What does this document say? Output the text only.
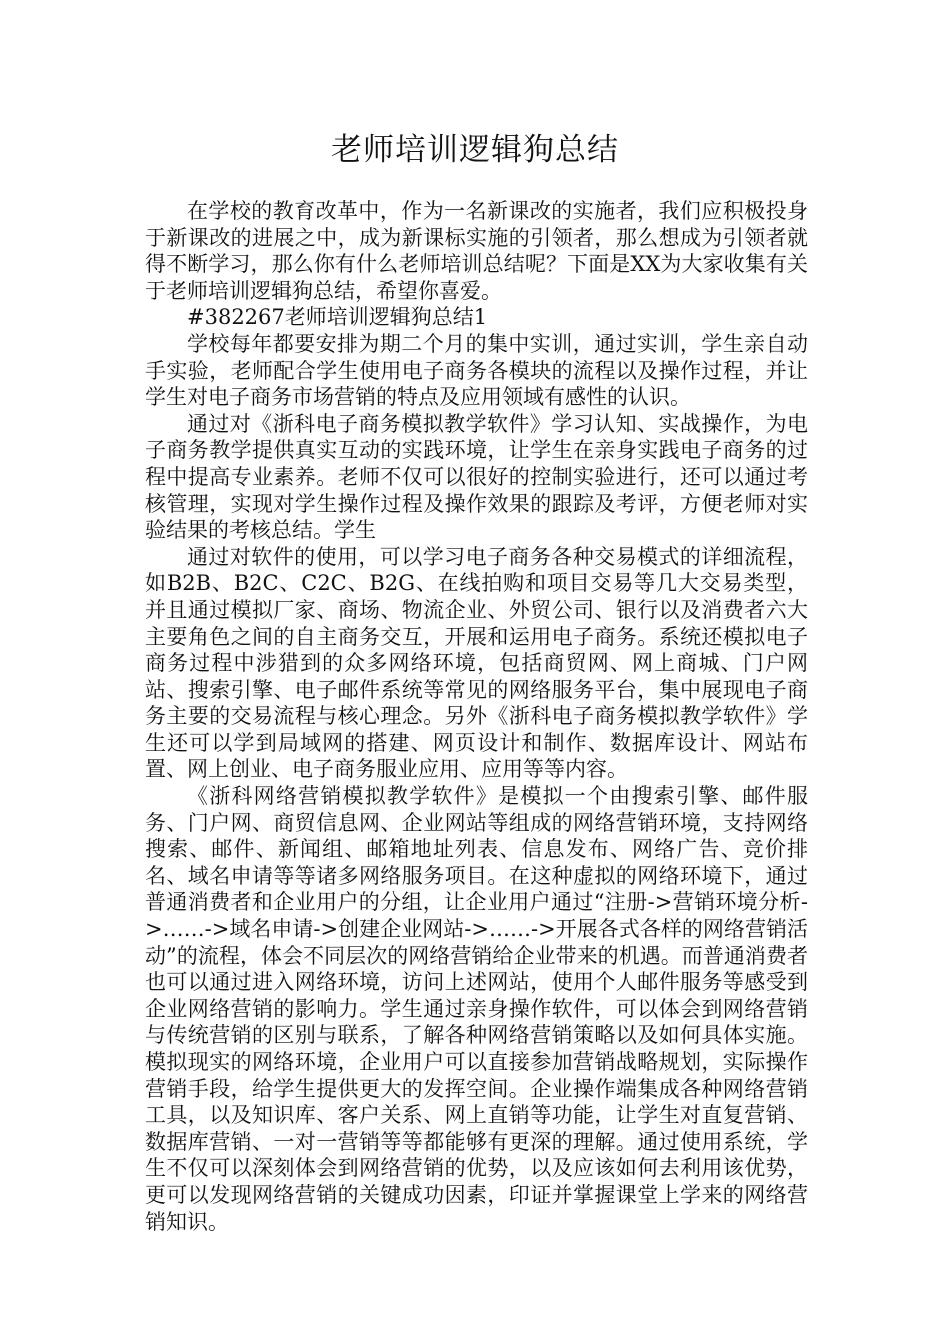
老师培训逻辑狗总结

在学校的教育改革中，作为一名新课改的实施者，我们应积极投身于新课改的进展之中，成为新课标实施的引领者，那么想成为引领者就得不断学习，那么你有什么老师培训总结呢？下面是XX为大家收集有关于老师培训逻辑狗总结，希望你喜爱。

#382267老师培训逻辑狗总结1

学校每年都要安排为期二个月的集中实训，通过实训，学生亲自动手实验，老师配合学生使用电子商务各模块的流程以及操作过程，并让学生对电子商务市场营销的特点及应用领域有感性的认识。

通过对《浙科电子商务模拟教学软件》学习认知、实战操作，为电子商务教学提供真实互动的实践环境，让学生在亲身实践电子商务的过程中提高专业素养。老师不仅可以很好的控制实验进行，还可以通过考核管理，实现对学生操作过程及操作效果的跟踪及考评，方便老师对实验结果的考核总结。学生

通过对软件的使用，可以学习电子商务各种交易模式的详细流程，如B2B、B2C、C2C、B2G、在线拍购和项目交易等几大交易类型，并且通过模拟厂家、商场、物流企业、外贸公司、银行以及消费者六大主要角色之间的自主商务交互，开展和运用电子商务。系统还模拟电子商务过程中涉猎到的众多网络环境，包括商贸网、网上商城、门户网站、搜索引擎、电子邮件系统等常见的网络服务平台，集中展现电子商务主要的交易流程与核心理念。另外《浙科电子商务模拟教学软件》学生还可以学到局域网的搭建、网页设计和制作、数据库设计、网站布置、网上创业、电子商务服业应用、应用等等内容。

《浙科网络营销模拟教学软件》是模拟一个由搜索引擎、邮件服务、门户网、商贸信息网、企业网站等组成的网络营销环境，支持网络搜索、邮件、新闻组、邮箱地址列表、信息发布、网络广告、竞价排名、域名申请等等诸多网络服务项目。在这种虚拟的网络环境下，通过普通消费者和企业用户的分组，让企业用户通过“注册->营销环境分析->……->域名申请->创建企业网站->……->开展各式各样的网络营销活动”的流程，体会不同层次的网络营销给企业带来的机遇。而普通消费者也可以通过进入网络环境，访问上述网站，使用个人邮件服务等感受到企业网络营销的影响力。学生通过亲身操作软件，可以体会到网络营销与传统营销的区别与联系，了解各种网络营销策略以及如何具体实施。模拟现实的网络环境，企业用户可以直接参加营销战略规划，实际操作营销手段，给学生提供更大的发挥空间。企业操作端集成各种网络营销工具，以及知识库、客户关系、网上直销等功能，让学生对直复营销、数据库营销、一对一营销等等都能够有更深的理解。通过使用系统，学生不仅可以深刻体会到网络营销的优势，以及应该如何去利用该优势，更可以发现网络营销的关键成功因素，印证并掌握课堂上学来的网络营销知识。
